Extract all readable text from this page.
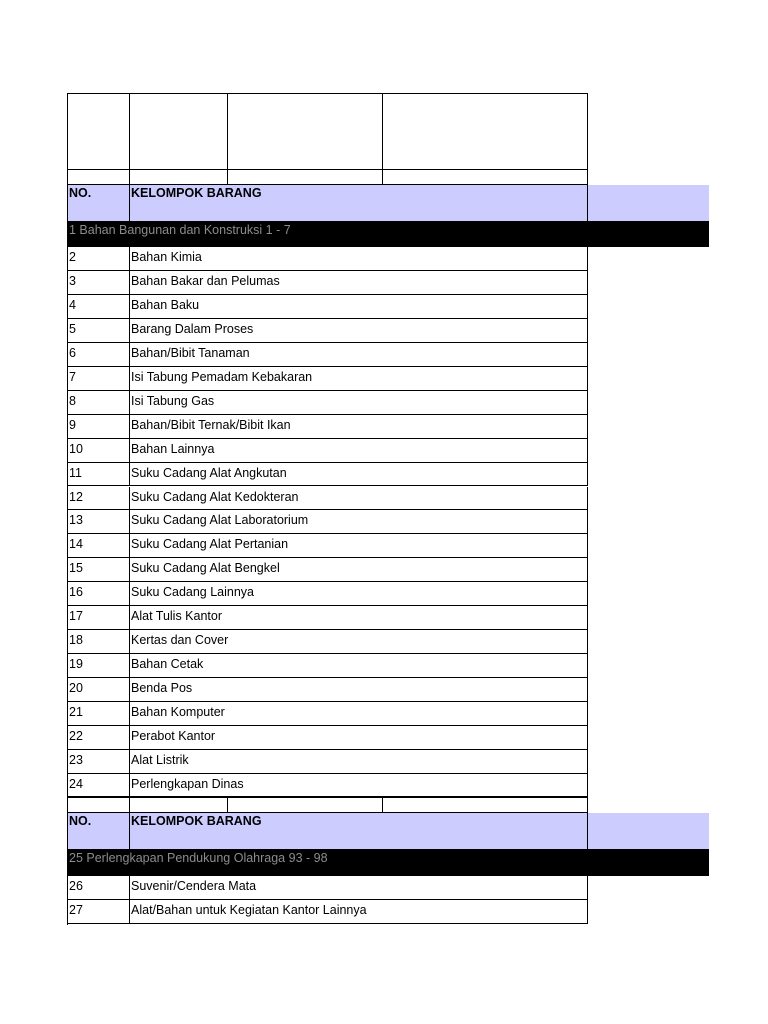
NO.	KELOMPOK BARANG
1 Bahan Bangunan dan Konstruksi 1 - 7
2	Bahan Kimia
3	Bahan Bakar dan Pelumas
4	Bahan Baku
5	Barang Dalam Proses
6	Bahan/Bibit Tanaman
7	Isi Tabung Pemadam Kebakaran
8	Isi Tabung Gas
9	Bahan/Bibit Ternak/Bibit Ikan
10	Bahan Lainnya
11	Suku Cadang Alat Angkutan
12	Suku Cadang Alat Kedokteran
13	Suku Cadang Alat Laboratorium
14	Suku Cadang Alat Pertanian
15	Suku Cadang Alat Bengkel
16	Suku Cadang Lainnya
17	Alat Tulis Kantor
18	Kertas dan Cover
19	Bahan Cetak
20	Benda Pos
21	Bahan Komputer
22	Perabot Kantor
23	Alat Listrik
24	Perlengkapan Dinas
NO.	KELOMPOK BARANG
25 Perlengkapan Pendukung Olahraga 93 - 98
26	Suvenir/Cendera Mata
27	Alat/Bahan untuk Kegiatan Kantor Lainnya
